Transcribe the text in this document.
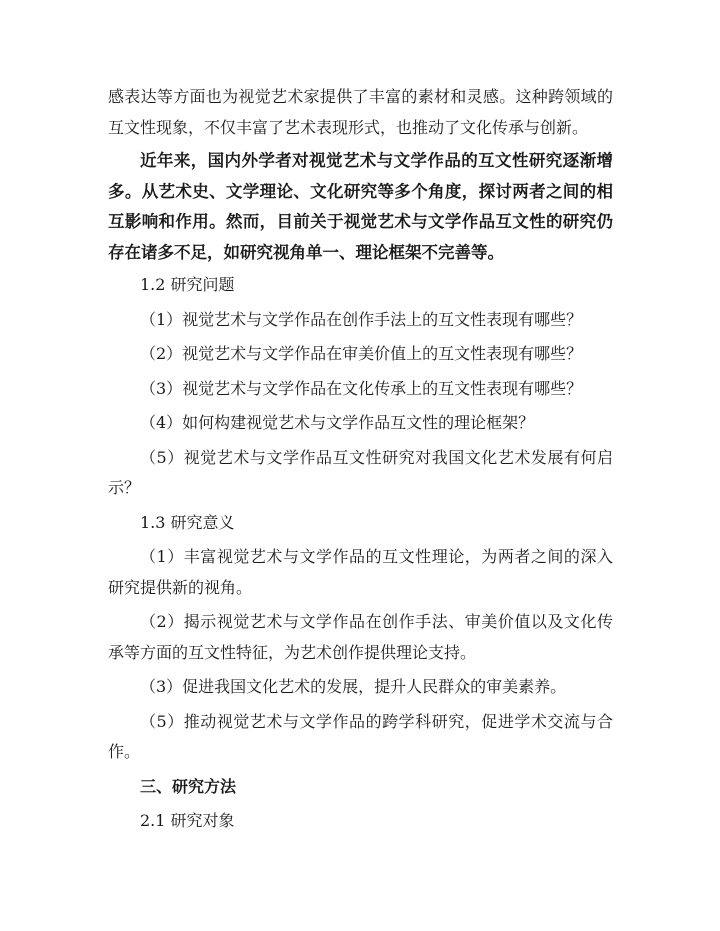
感表达等方面也为视觉艺术家提供了丰富的素材和灵感。这种跨领域的互文性现象，不仅丰富了艺术表现形式，也推动了文化传承与创新。

近年来，国内外学者对视觉艺术与文学作品的互文性研究逐渐增多。从艺术史、文学理论、文化研究等多个角度，探讨两者之间的相互影响和作用。然而，目前关于视觉艺术与文学作品互文性的研究仍存在诸多不足，如研究视角单一、理论框架不完善等。

1.2 研究问题

（1）视觉艺术与文学作品在创作手法上的互文性表现有哪些？

（2）视觉艺术与文学作品在审美价值上的互文性表现有哪些？

（3）视觉艺术与文学作品在文化传承上的互文性表现有哪些？

（4）如何构建视觉艺术与文学作品互文性的理论框架？

（5）视觉艺术与文学作品互文性研究对我国文化艺术发展有何启示？

1.3 研究意义

（1）丰富视觉艺术与文学作品的互文性理论，为两者之间的深入研究提供新的视角。

（2）揭示视觉艺术与文学作品在创作手法、审美价值以及文化传承等方面的互文性特征，为艺术创作提供理论支持。

（3）促进我国文化艺术的发展，提升人民群众的审美素养。

（5）推动视觉艺术与文学作品的跨学科研究，促进学术交流与合作。

三、研究方法

2.1 研究对象
